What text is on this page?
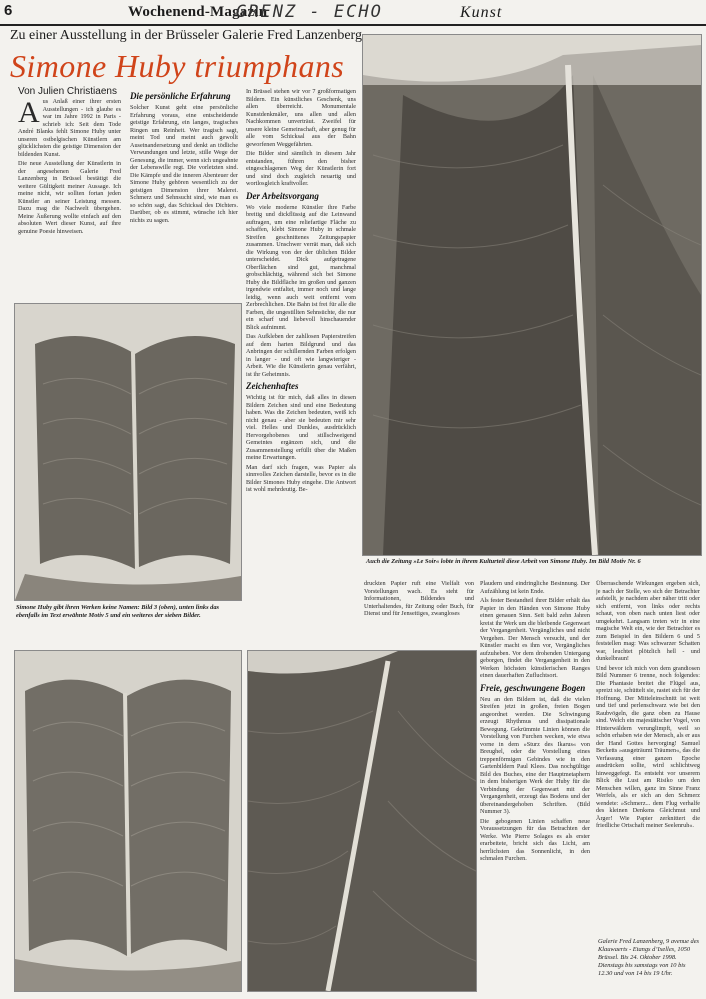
6	Wochenend-Magazin
GRENZ - ECHO	Kunst
Zu einer Ausstellung in der Brüsseler Galerie Fred Lanzenberg
Simone Huby triumphans
Von Julien Christiaens
A us Anlaß einer ihrer ersten Ausstellungen - ich glaube es war im Jahre 1992 in Paris - schrieb ich: Seit dem Tode André Blanks fehlt Simone Huby unter unseren ostbelgischen Künstlern am glücklichsten die geistige Dimension der bildenden Kunst.

Die neue Ausstellung der Künstlerin in der angesehenen Galerie Fred Lanzenberg in Brüssel bestätigt die weitere Gültigkeit meiner Aussage. Ich meine nicht, wir sollten fortan jeden Künstler an seiner Leistung messen. Dazu mag die Nachwelt übergehen. Meine Äußerung wollte einfach auf den absoluten Wert dieser Kunst, auf ihre genuine Poesie hinweisen.

Die persönliche Erfahrung

Solcher Kunst geht eine persönliche Erfahrung voraus, eine entscheidende geistige Erfahrung, ein langes, tragisches Ringen um Reinheit. Wer tragisch sagt, meint Tod und meint auch gewollt Auseinandersetzung und denkt an tödliche Verwundungen und letzte, stille Wege der Genesung, die immer, wenn sich ungeahnte der Lebenswille regt. Die vorletzten sind. Die Kämpfe und die inneren Abenteuer der Simone Huby gehören wesentlich zu der geistigen Dimension ihrer Malerei. Schmerz und Sehnsucht sind, wie man es so schön sagt, das Schicksal des Dichters. Darüber, ob es stimmt, wünsche ich hier nichts zu sagen.

In Brüssel stehen wir vor 7 großformatigen Bildern. Ein künstliches Geschenk, uns allen überreicht. Monumentale Kunstdenkmäler, uns allen und allen Nachkommen unverträut. Zweifel für unsere kleine Gemeinschaft, aber genug für alle vom Schicksal aus der Bahn geworfenen Weggefährten.

Die Bilder sind sämtlich in diesem Jahr entstanden, führen den bisher eingeschlagenen Weg der Künstlerin fort und sind doch zugleich neuartig und wortlosgleich kraftvoller.

Der Arbeitsvorgang

Wo viele moderne Künstler ihre Farbe breitig und dickflüssig auf die Leinwand auftragen, um eine reliefartige Fläche zu schaffen, klebt Simone Huby in schmale Streifen geschnittenes Zeitungspapier zusammen. Unschwer verrät man, daß sich die Wirkung von der der üblichen Bilder unterscheidet. Dick aufgetragene Oberflächen sind gut, manchmal grobschlächtig, während sich bei Simone Huby die Bildfläche im großen und ganzen irgendwie entfaltet, immer noch und lange leidig, wenn auch weit entfernt vom Zerbrechlichen. Die Bahn ist frei für alle die Farben, die ungestillten Sehnsüchte, die nur ein scharf und liebevoll hinschauender Blick aufnimmt.

Das Aufkleben der zahllosen Papierstreifen auf dem harten Bildgrund und das Anbringen der schillernden Farben erfolgen in langer - und oft wie langwieriger - Arbeit. Wie die Künstlerin genau verfährt, ist ihr Geheimnis.

Zeichenhaftes

Wichtig ist für mich, daß alles in diesen Bildern Zeichen sind und eine Bedeutung haben. Was die Zeichen bedeuten, weiß ich nicht genau - aber sie bedeuten mir sehr viel. Helles und Dunkles, ausdrücklich Hervorgehobenes und stillschweigend Gemeintes ergänzen sich, und die Zusammenstellung erfüllt über die Maßen meine Erwartungen.

Man darf sich fragen, was Papier als sinnvolles Zeichen darstelle, bevor es in die Bilder Simones Huby eingehe. Die Antwort ist wohl mehrdeutig. Be-

Auch die Zeitung »Le Soir« lobte in ihrem Kulturteil diese Arbeit von Simone Huby. Im Bild Motiv Nr. 6
Simone Huby gibt ihren Werken keine Namen: Bild 3 (oben), unten links das ebenfalls im Text erwähnte Motiv 5 und ein weiteres der sieben Bilder.

druckten Papier ruft eine Vielfalt von Vorstellungen wach. Es steht für Informationen, Bildendes und Unterhaltendes, für Zeitung oder Buch, für Dienst und für Jenseitiges, zwangloses

Plaudern und eindringliche Besinnung. Der Aufzählung ist kein Ende.

Als fester Bestandteil ihrer Bilder erhält das Papier in den Händen von Simone Huby einen genauen Sinn. Seit bald zehn Jahren kreist ihr Werk um die bleibende Gegenwart der Vergangenheit. Vergängliches und nicht Vergehen. Der Mensch versucht, und der Künstler macht es ihm vor, Vergängliches aufzuheben. Vor dem drohenden Untergang geborgen, findet die Vergangenheit in den Werken höchsten künstlerischen Ranges einen dauerhaften Zufluchtsort.

Freie, geschwungene Bogen

Neu an den Bildern ist, daß die vielen Streifen jetzt in großen, freien Bogen angeordnet werden. Die Schwingung erzeugt Rhythmus und dissipationale Bewegung. Gekrümmte Linien können die Vorstellung von Furchen wecken, wie etwa vorne in dem »Sturz des Ikarus« von Breughel, oder die Vorstellung eines treppenförmigen Gebindes wie in den Gartenbildern Paul Klees. Das nochgültige Bild des Buches, eine der Hauptmetaphern in dem bisherigen Werk der Huby für die Verbindung der Gegenwart mit der Vergangenheit, erzeugt das Bodens und der übereinandergehoben Schriften. (Bild Nummer 3).

Die gebogenen Linien schaffen neue Voraussetzungen für das Betrachten der Werke. Wie Pierre Solages es als erster erarbeitete, bricht sich das Licht, am herrlichsten das Sonnenlicht, in den schmalen Furchen.

Überraschende Wirkungen ergeben sich, je nach der Stelle, wo sich der Betrachter aufstellt, je nachdem aber näher tritt oder sich entfernt, von links oder rechts schaut, von oben nach unten liest oder umgekehrt. Langsam treten wir in eine magische Welt ein, wie der Betrachter es zum Beispiel in den Bildern 6 und 5 feststellen mag: Was schwarzer Schatten war, leuchtet plötzlich hell - und dunkelbraun!

Und bevor ich mich von dem grandiosen Bild Nummer 6 trenne, noch folgendes: Die Phantasie breitet die Flügel aus, spreizt sie, schüttelt sie, rastet sich für der Hoffnung. Der Mitteleinschnitt ist weit und tief und perlenschwarz wie bei den Raubvögeln, die ganz oben zu Hause sind. Welch ein majestätischer Vogel, von Hinterwäldern verunglimpft, weil so schön erhaben wie der Mensch, als er aus der Hand Gottes hervorging! Samuel Becketts »ausgeträumt Träumen«, das die Verfassung einer ganzen Epoche ausdrücken sollte, wird schlichtweg hinweggefegt. Es entsteht vor unserem Blick die Lust am Risiko um den Menschen willen, ganz im Sinne Franz Werfels, als er sich an den Schmerz wendete: »Schmerz... dem Flug verhalfe des kleinen Denkens Gleichmut und Ärger! Wie Papier zerknittert die friedliche Ortschaft meiner Seelenruh«.

Galerie Fred Lanzenberg, 9 avenue des Klauwaerts - Etangs d’Ixelles, 1050 Brüssel. Bis 24. Oktober 1998. Dienstags bis samstags von 10 bis 12.30 und von 14 bis 19 Uhr.
